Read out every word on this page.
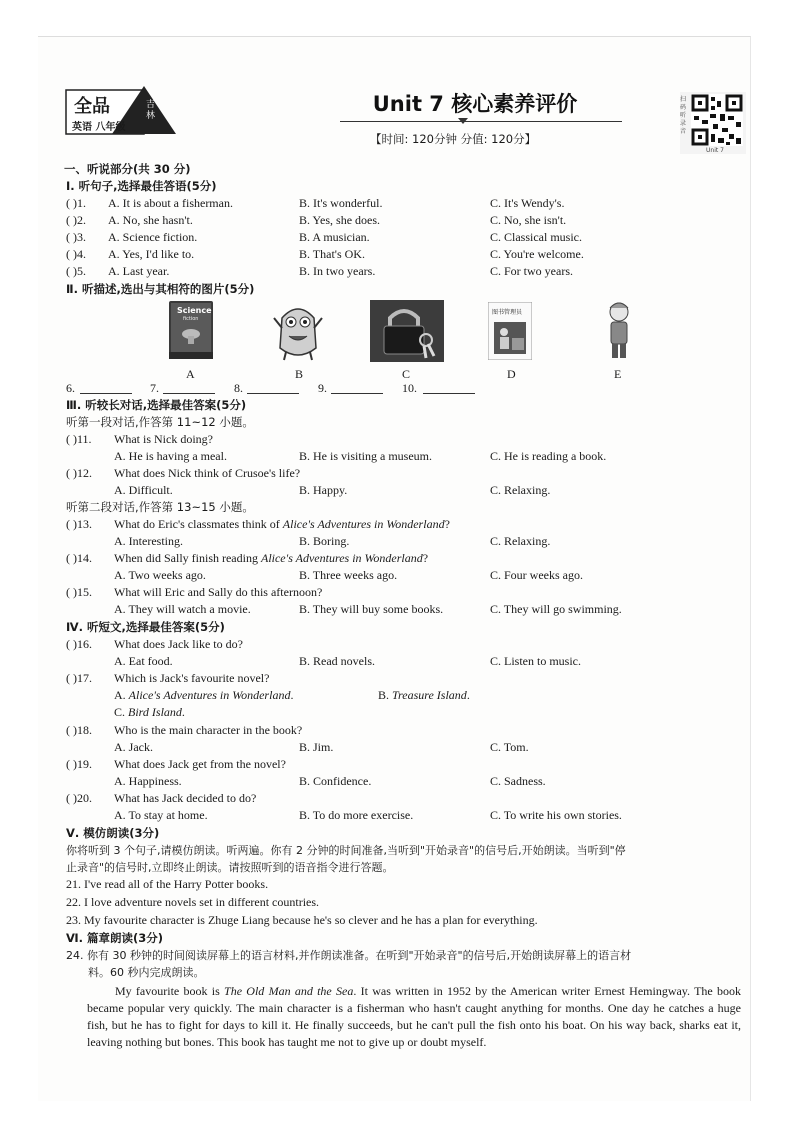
全品
英语 八年级
吉林	Unit 7 核心素养评价
【时间: 120分钟 分值: 120分】
扫码听录音
Unit 7
一、听说部分(共 30 分)
Ⅰ. 听句子,选择最佳答语(5分)
( )1. A. It is about a fisherman.	B. It's wonderful.	C. It's Wendy's.
( )2. A. No, she hasn't.	B. Yes, she does.	C. No, she isn't.
( )3. A. Science fiction.	B. A musician.	C. Classical music.
( )4. A. Yes, I'd like to.	B. That's OK.	C. You're welcome.
( )5. A. Last year.	B. In two years.	C. For two years.
Ⅱ. 听描述,选出与其相符的图片(5分)
Science
fiction
图书管理员
A	B	C	D	E
6.	7.	8.	9.	10.
Ⅲ. 听较长对话,选择最佳答案(5分)
听第一段对话,作答第 11~12 小题。
( )11. What is Nick doing?
A. He is having a meal.	B. He is visiting a museum.	C. He is reading a book.
( )12. What does Nick think of Crusoe's life?
A. Difficult.	B. Happy.	C. Relaxing.
听第二段对话,作答第 13~15 小题。
( )13. What do Eric's classmates think of Alice's Adventures in Wonderland?
A. Interesting.	B. Boring.	C. Relaxing.
( )14. When did Sally finish reading Alice's Adventures in Wonderland?
A. Two weeks ago.	B. Three weeks ago.	C. Four weeks ago.
( )15. What will Eric and Sally do this afternoon?
A. They will watch a movie.	B. They will buy some books.	C. They will go swimming.
Ⅳ. 听短文,选择最佳答案(5分)
( )16. What does Jack like to do?
A. Eat food.	B. Read novels.	C. Listen to music.
( )17. Which is Jack's favourite novel?
A. Alice's Adventures in Wonderland.	B. Treasure Island.
C. Bird Island.
( )18. Who is the main character in the book?
A. Jack.	B. Jim.	C. Tom.
( )19. What does Jack get from the novel?
A. Happiness.	B. Confidence.	C. Sadness.
( )20. What has Jack decided to do?
A. To stay at home.	B. To do more exercise.	C. To write his own stories.
Ⅴ. 模仿朗读(3分)
你将听到 3 个句子,请模仿朗读。听两遍。你有 2 分钟的时间准备,当听到"开始录音"的信号后,开始朗读。当听到"停
止录音"的信号时,立即终止朗读。请按照听到的语音指令进行答题。
21. I've read all of the Harry Potter books.
22. I love adventure novels set in different countries.
23. My favourite character is Zhuge Liang because he's so clever and he has a plan for everything.
Ⅵ. 篇章朗读(3分)
24. 你有 30 秒钟的时间阅读屏幕上的语言材料,并作朗读准备。在听到"开始录音"的信号后,开始朗读屏幕上的语言材
料。60 秒内完成朗读。
My favourite book is The Old Man and the Sea. It was written in 1952 by the American writer Ernest Hemingway. The book became popular very quickly. The main character is a fisherman who hasn't caught anything for months. One day he catches a huge fish, but he has to fight for days to kill it. He finally succeeds, but he can't pull the fish onto his boat. On his way back, sharks eat it, leaving nothing but bones. This book has taught me not to give up or doubt myself.
